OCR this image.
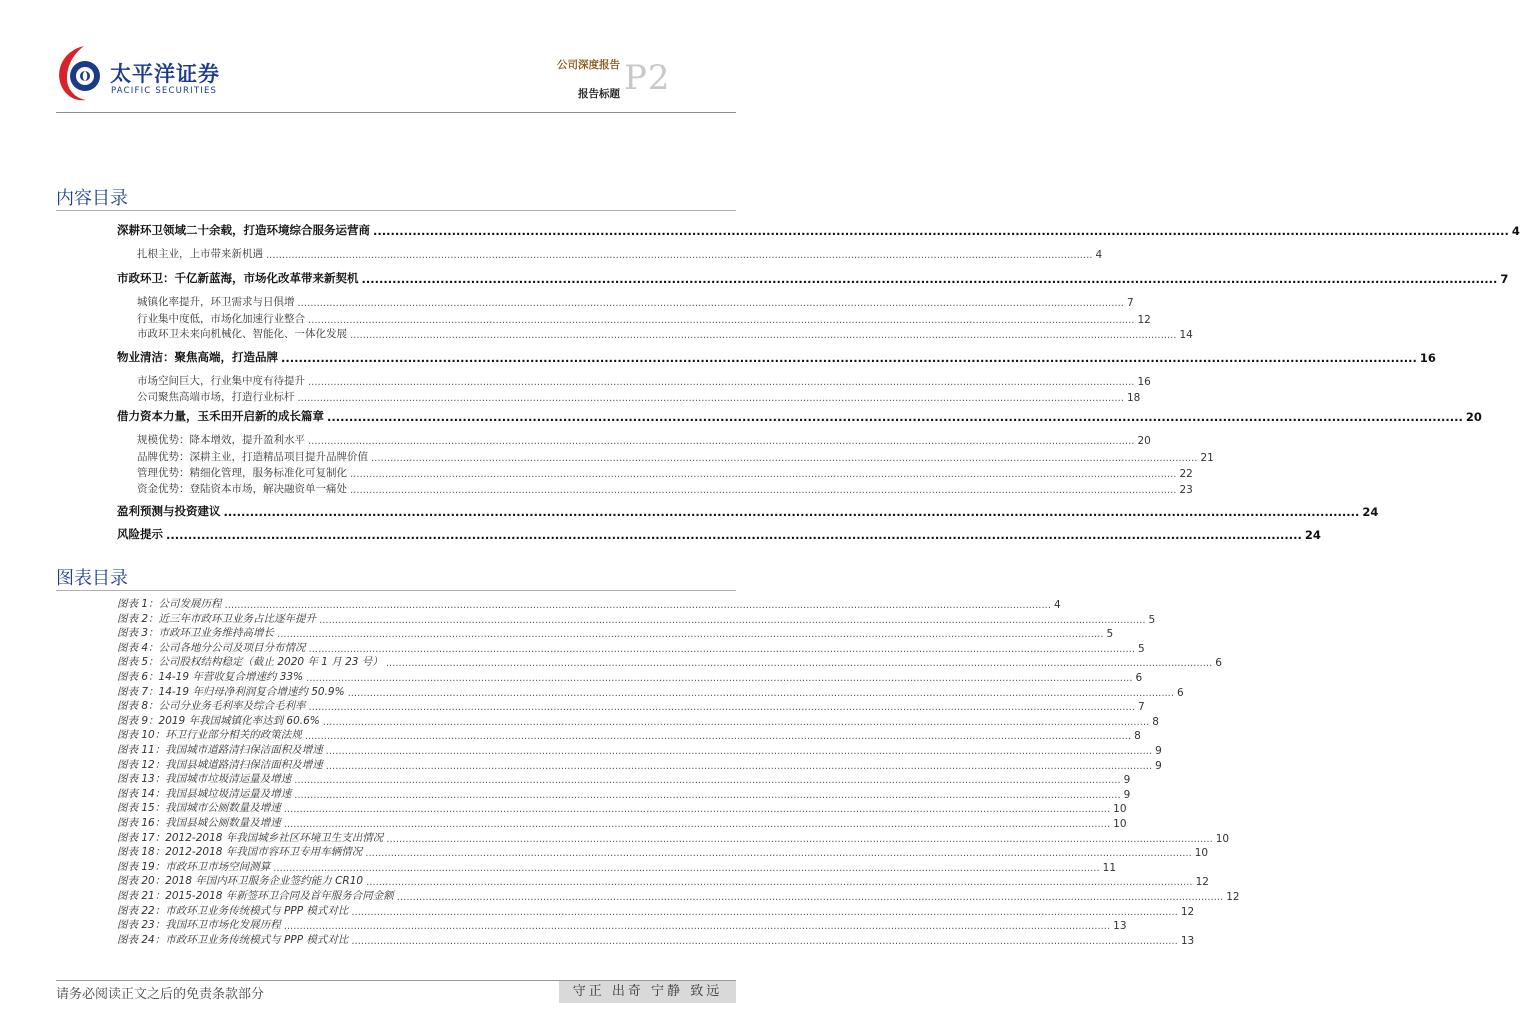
太平洋证券
PACIFIC SECURITIES
公司深度报告
报告标题 P2
内容目录
深耕环卫领域二十余载，打造环境综合服务运营商 .................................................................................................................................................................................................................................................................... 4
扎根主业，上市带来新机遇 .................................................................................................................................................................................................................................................................... 4
市政环卫：千亿新蓝海，市场化改革带来新契机 .................................................................................................................................................................................................................................................................... 7
城镇化率提升，环卫需求与日俱增 .................................................................................................................................................................................................................................................................... 7
行业集中度低，市场化加速行业整合 .................................................................................................................................................................................................................................................................... 12
市政环卫未来向机械化、智能化、一体化发展 .................................................................................................................................................................................................................................................................... 14
物业清洁：聚焦高端，打造品牌 .................................................................................................................................................................................................................................................................... 16
市场空间巨大，行业集中度有待提升 .................................................................................................................................................................................................................................................................... 16
公司聚焦高端市场，打造行业标杆 .................................................................................................................................................................................................................................................................... 18
借力资本力量，玉禾田开启新的成长篇章 .................................................................................................................................................................................................................................................................... 20
规模优势：降本增效，提升盈利水平 .................................................................................................................................................................................................................................................................... 20
品牌优势：深耕主业，打造精品项目提升品牌价值 .................................................................................................................................................................................................................................................................... 21
管理优势：精细化管理，服务标准化可复制化 .................................................................................................................................................................................................................................................................... 22
资金优势：登陆资本市场，解决融资单一痛处 .................................................................................................................................................................................................................................................................... 23
盈利预测与投资建议 .................................................................................................................................................................................................................................................................... 24
风险提示 .................................................................................................................................................................................................................................................................... 24
图表目录
图表 1：公司发展历程 .................................................................................................................................................................................................................................................................... 4
图表 2：近三年市政环卫业务占比逐年提升 .................................................................................................................................................................................................................................................................... 5
图表 3：市政环卫业务维持高增长 .................................................................................................................................................................................................................................................................... 5
图表 4：公司各地分公司及项目分布情况 .................................................................................................................................................................................................................................................................... 5
图表 5：公司股权结构稳定（截止 2020 年 1 月 23 号） .................................................................................................................................................................................................................................................................... 6
图表 6：14-19 年营收复合增速约 33% .................................................................................................................................................................................................................................................................... 6
图表 7：14-19 年归母净利润复合增速约 50.9% .................................................................................................................................................................................................................................................................... 6
图表 8：公司分业务毛利率及综合毛利率 .................................................................................................................................................................................................................................................................... 7
图表 9：2019 年我国城镇化率达到 60.6% .................................................................................................................................................................................................................................................................... 8
图表 10：环卫行业部分相关的政策法规 .................................................................................................................................................................................................................................................................... 8
图表 11：我国城市道路清扫保洁面积及增速 .................................................................................................................................................................................................................................................................... 9
图表 12：我国县城道路清扫保洁面积及增速 .................................................................................................................................................................................................................................................................... 9
图表 13：我国城市垃圾清运量及增速 .................................................................................................................................................................................................................................................................... 9
图表 14：我国县城垃圾清运量及增速 .................................................................................................................................................................................................................................................................... 9
图表 15：我国城市公厕数量及增速 .................................................................................................................................................................................................................................................................... 10
图表 16：我国县城公厕数量及增速 .................................................................................................................................................................................................................................................................... 10
图表 17：2012-2018 年我国城乡社区环境卫生支出情况 .................................................................................................................................................................................................................................................................... 10
图表 18：2012-2018 年我国市容环卫专用车辆情况 .................................................................................................................................................................................................................................................................... 10
图表 19：市政环卫市场空间测算 .................................................................................................................................................................................................................................................................... 11
图表 20：2018 年国内环卫服务企业签约能力 CR10 .................................................................................................................................................................................................................................................................... 12
图表 21：2015-2018 年新签环卫合同及首年服务合同金额 .................................................................................................................................................................................................................................................................... 12
图表 22：市政环卫业务传统模式与 PPP 模式对比 .................................................................................................................................................................................................................................................................... 12
图表 23：我国环卫市场化发展历程 .................................................................................................................................................................................................................................................................... 13
图表 24：市政环卫业务传统模式与 PPP 模式对比 .................................................................................................................................................................................................................................................................... 13
请务必阅读正文之后的免责条款部分	守正 出奇 宁静 致远
